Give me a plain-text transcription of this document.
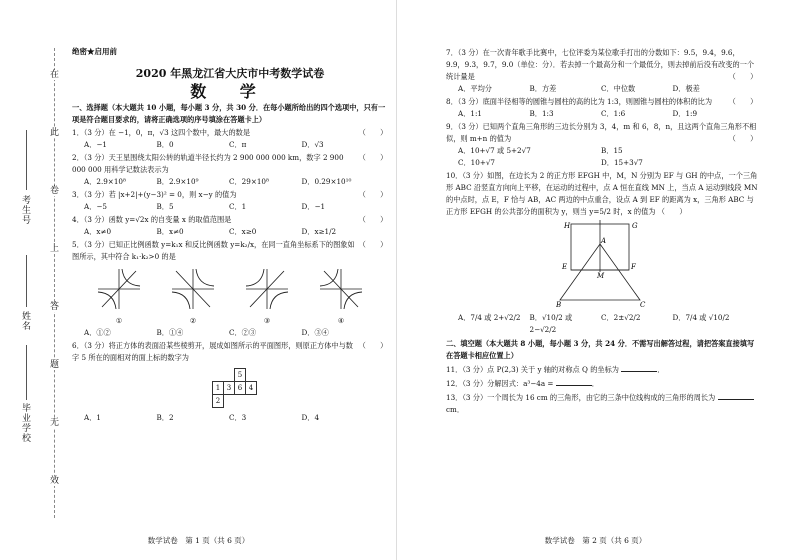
在
此
卷
上
答
题
无
效
考生号
姓名
毕业学校
绝密★启用前
2020 年黑龙江省大庆市中考数学试卷
数 学
一、选择题（本大题共 10 小题，每小题 3 分，共 30 分．在每小题所给出的四个选项中，只有一项是符合题目要求的，请将正确选项的序号填涂在答题卡上）
（　　）
1．（3 分）在 −1，0，π，√3 这四个数中，最大的数是
A．−1	B．0	C．π	D．√3
（　　）
2．（3 分）天王星围绕太阳公转的轨道半径长约为 2 900 000 000 km，数字 2 900 000 000 用科学记数法表示为
A．2.9×10⁸	B．2.9×10⁹	C．29×10⁸	D．0.29×10¹⁰
（　　）
3．（3 分）若 |x+2|+(y−3)² = 0，则 x−y 的值为
A．−5	B．5	C．1	D．−1
（　　）
4．（3 分）函数 y=√2x 的自变量 x 的取值范围是
A．x≠0	B．x≠0	C．x≥0	D．x≥1/2
（　　）
5．（3 分）已知正比例函数 y=k₁x 和反比例函数 y=k₂/x，在同一直角坐标系下的图象如图所示，其中符合 k₁·k₂>0 的是
①	②	③	④
A．①②	B．①④	C．②③	D．③④
（　　）
6．（3 分）将正方体的表面沿某些棱剪开，展成如图所示的平面图形，则原正方体中与数字 5 所在的面相对的面上标的数字为
			5	
	1	3	6	4
	2			
A．1	B．2	C．3	D．4
数学试卷　第 1 页（共 6 页）
7．（3 分）在一次青年歌手比赛中，七位评委为某位歌手打出的分数如下：9.5，9.4，9.6，9.9，9.3，9.7，9.0（单位：分）．若去掉一个最高分和一个最低分，则去掉前后没有改变的一个统计量是	（　　）
A．平均分	B．方差	C．中位数	D．极差
（　　）
8．（3 分）底面半径相等的圆锥与圆柱的高的比为 1:3，则圆锥与圆柱的体积的比为
A．1:1	B．1:3	C．1:6	D．1:9
9．（3 分）已知两个直角三角形的三边长分别为 3，4，m 和 6，8，n，且这两个直角三角形不相似，则 m+n 的值为	（　　）
A．10+√7 或 5+2√7	B．15
C．10+√7	D．15+3√7
10．（3 分）如图，在边长为 2 的正方形 EFGH 中，M，N 分别为 EF 与 GH 的中点，一个三角形 ABC 沿竖直方向向上平移，在运动的过程中，点 A 恒在直线 MN 上，当点 A 运动到线段 MN 的中点时，点 E，F 恰与 AB，AC 两边的中点重合，设点 A 到 EF 的距离为 x，三角形 ABC 与正方形 EFGH 的公共部分的面积为 y，则当 y=5/2 时，x 的值为 （　　）
H	G
A
E
M
F
B	C
A．7/4 或 2+√2/2	B．√10/2 或 2−√2/2
C．2±√2/2	D．7/4 或 √10/2
二、填空题（本大题共 8 小题，每小题 3 分，共 24 分．不需写出解答过程，请把答案直接填写在答题卡相应位置上）
11．（3 分）点 P(2,3) 关于 y 轴的对称点 Q 的坐标为	．
12．（3 分）分解因式：a³−4a =	．
13．（3 分）一个周长为 16 cm 的三角形，由它的三条中位线构成的三角形的周长为  cm．
数学试卷　第 2 页（共 6 页）
